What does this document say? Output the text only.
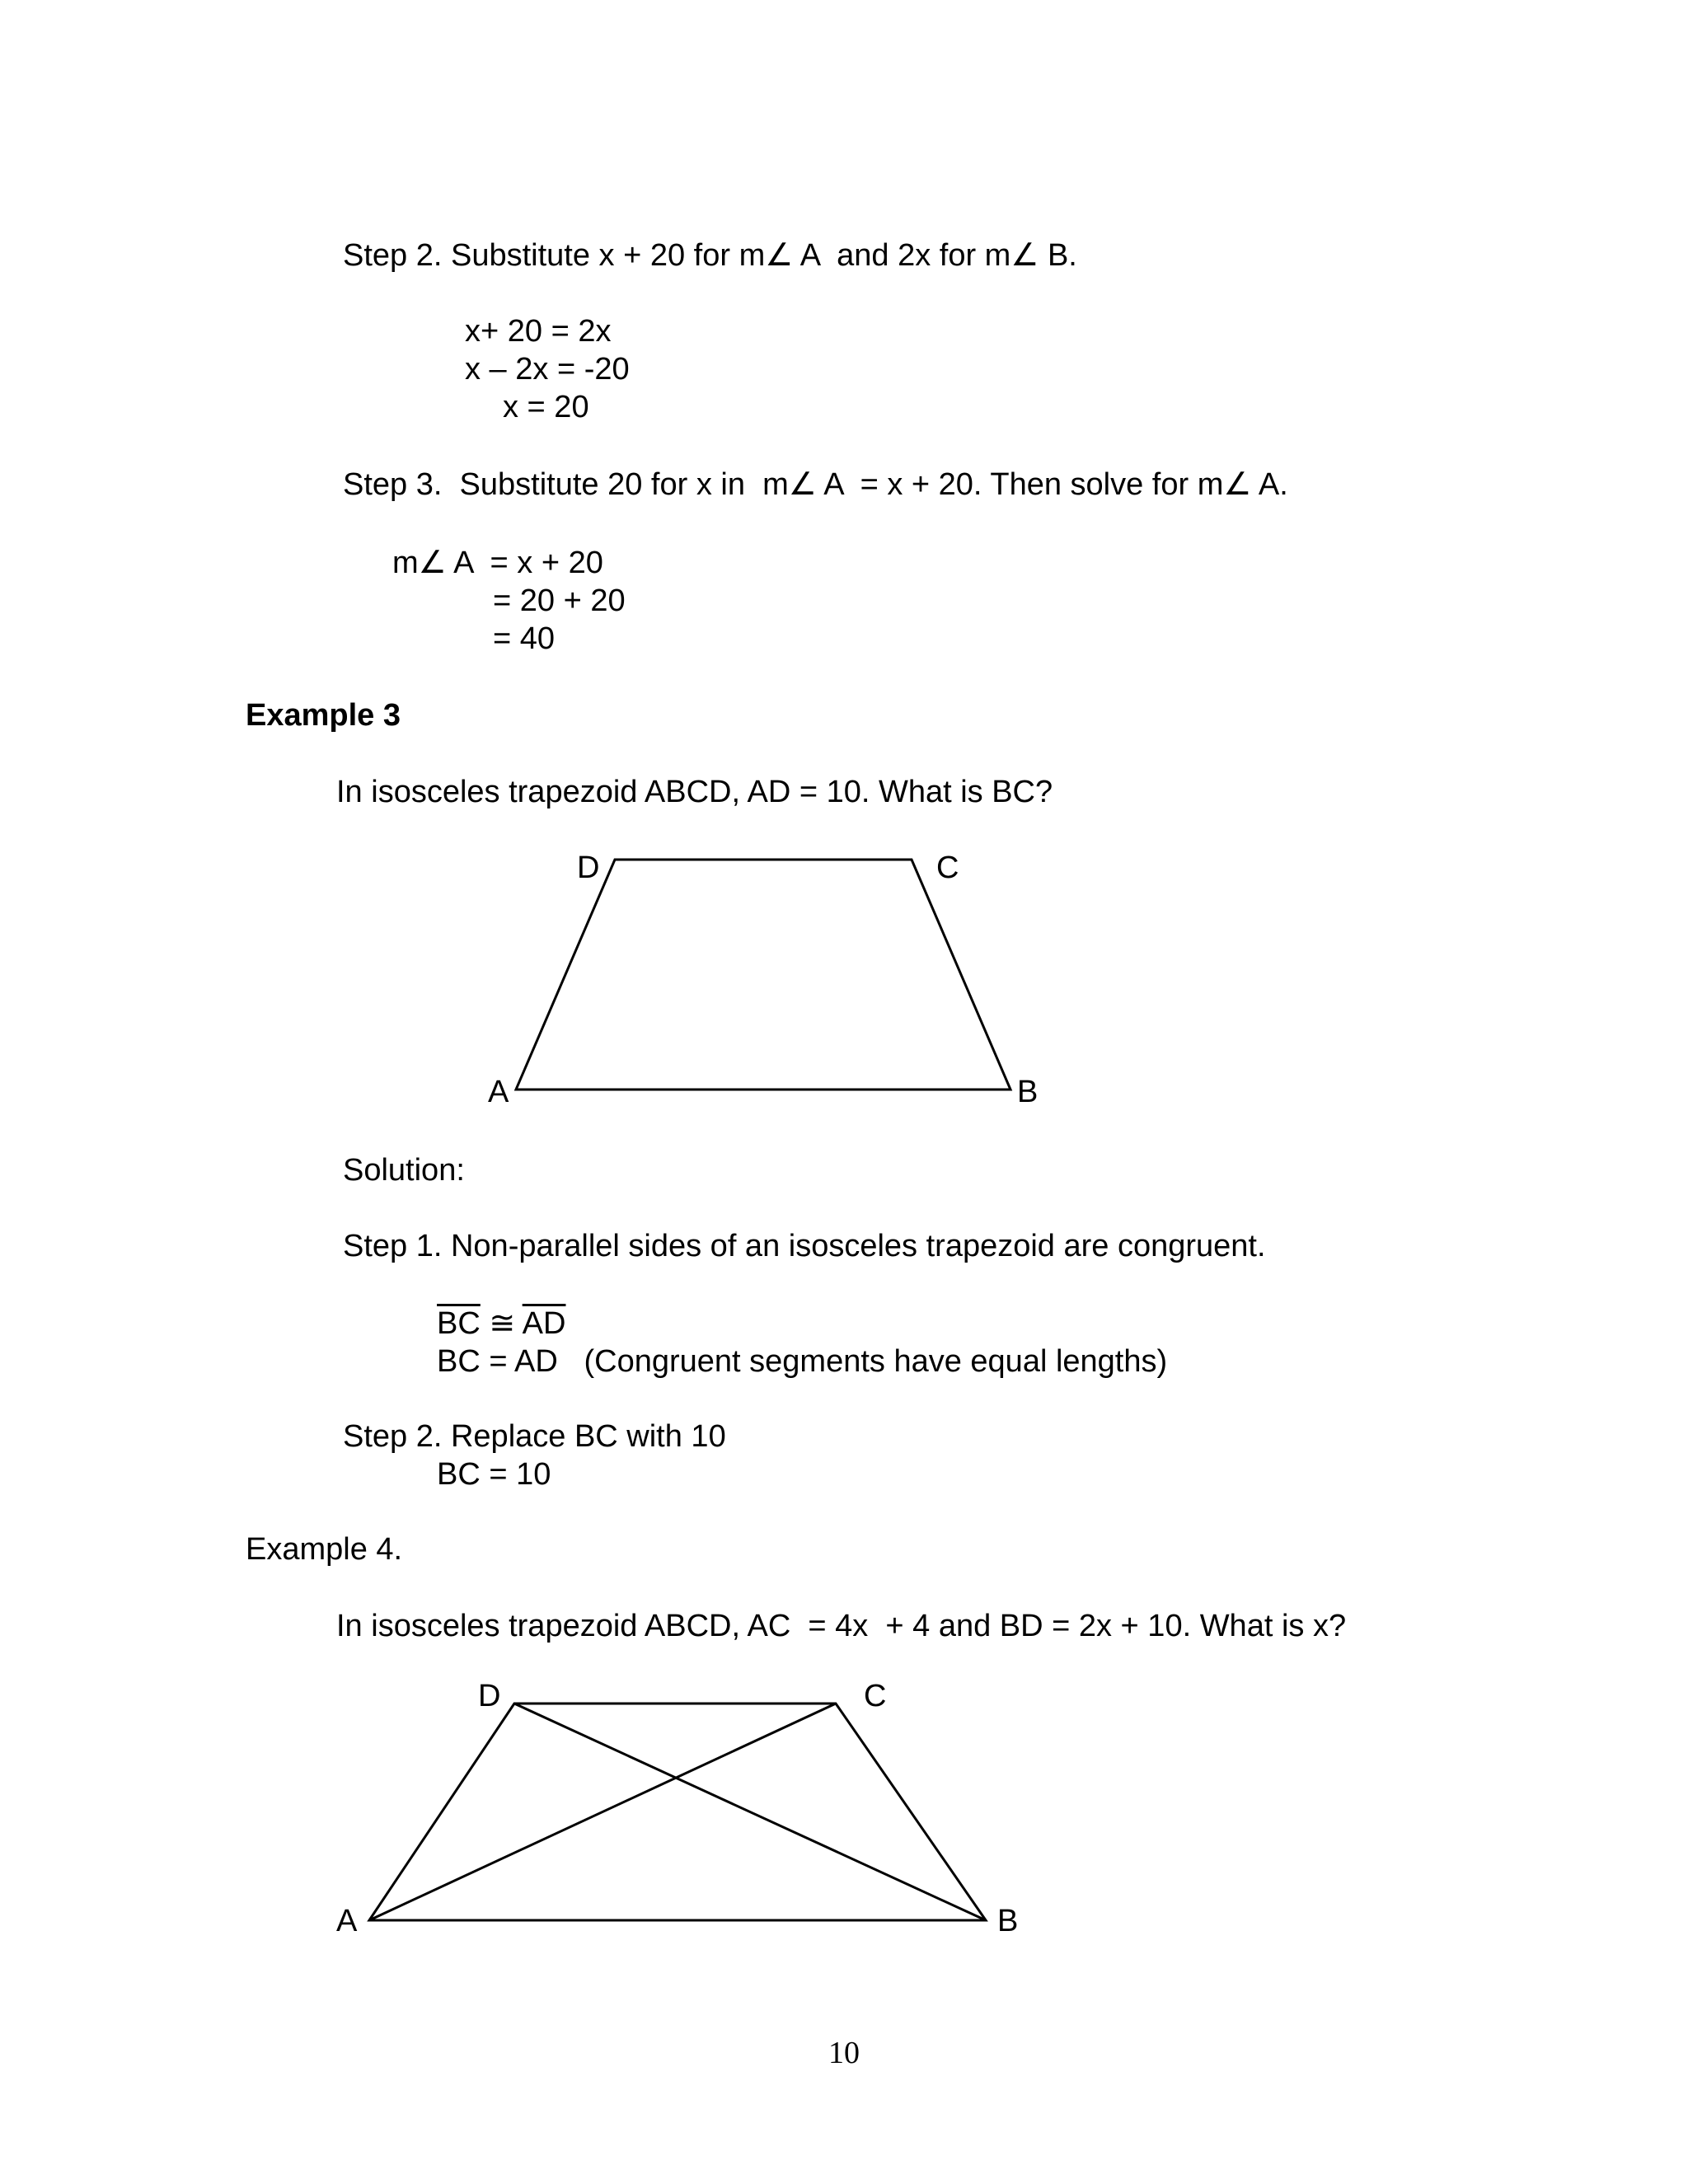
Step 2. Substitute x + 20 for m∠ A  and 2x for m∠ B.
x+ 20 = 2x
x – 2x = -20
x = 20
Step 3.  Substitute 20 for x in  m∠ A  = x + 20. Then solve for m∠ A.
m∠ A  = x + 20
= 20 + 20
= 40
Example 3
In isosceles trapezoid ABCD, AD = 10. What is BC?
D	C
A	B
Solution:
Step 1. Non-parallel sides of an isosceles trapezoid are congruent.
$\overline{BC}$ ≅ $\overline{AD}$
BC = AD (Congruent segments have equal lengths)
Step 2. Replace BC with 10
BC = 10
Example 4.
In isosceles trapezoid ABCD, AC  = 4x  + 4 and BD = 2x + 10. What is x?
D	C
A	B
10
